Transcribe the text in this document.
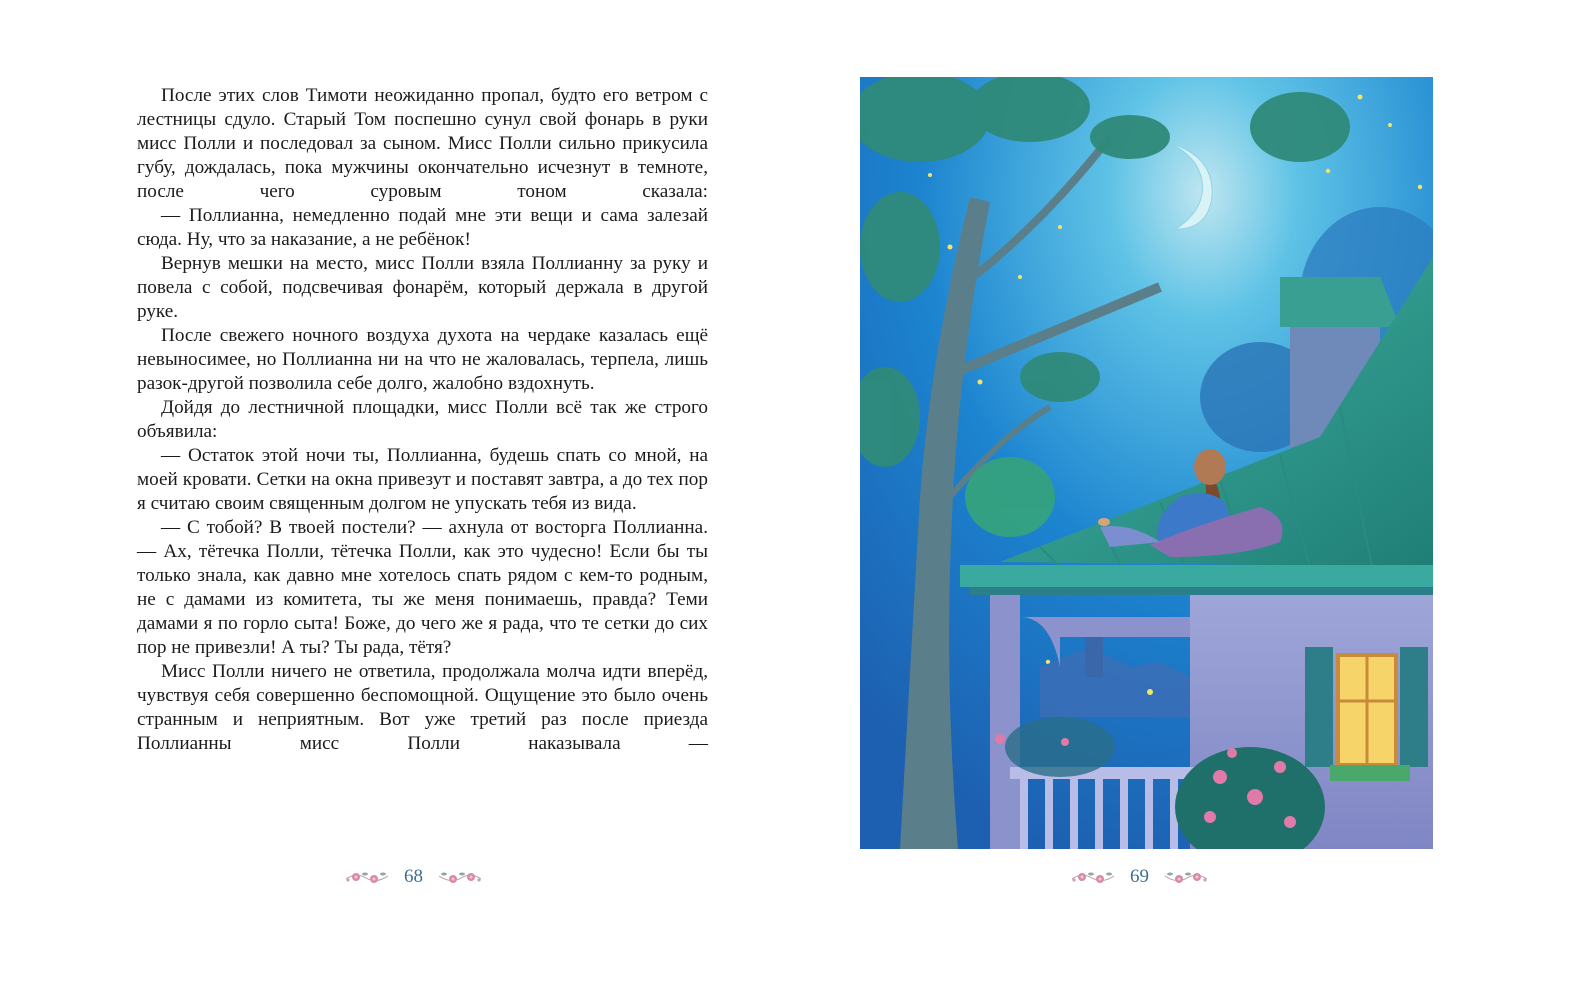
После этих слов Тимоти неожиданно пропал, будто его ветром с лестницы сдуло. Старый Том поспешно сунул свой фонарь в руки мисс Полли и последовал за сыном. Мисс Полли сильно прикусила губу, дождалась, пока мужчины окончательно исчезнут в темноте, после чего суровым тоном сказала:

— Поллианна, немедленно подай мне эти вещи и сама залезай сюда. Ну, что за наказание, а не ребёнок!

Вернув мешки на место, мисс Полли взяла Поллианну за руку и повела с собой, подсвечивая фонарём, который держала в другой руке.

После свежего ночного воздуха духота на чердаке казалась ещё невыносимее, но Поллианна ни на что не жаловалась, терпела, лишь разок-другой позволила себе долго, жалобно вздохнуть.

Дойдя до лестничной площадки, мисс Полли всё так же строго объявила:

— Остаток этой ночи ты, Поллианна, будешь спать со мной, на моей кровати. Сетки на окна привезут и поставят завтра, а до тех пор я считаю своим священным долгом не упускать тебя из вида.

— С тобой? В твоей постели? — ахнула от восторга Поллианна. — Ах, тётечка Полли, тётечка Полли, как это чудесно! Если бы ты только знала, как давно мне хотелось спать рядом с кем-то родным, не с дамами из комитета, ты же меня понимаешь, правда? Теми дамами я по горло сыта! Боже, до чего же я рада, что те сетки до сих пор не привезли! А ты? Ты рада, тётя?

Мисс Полли ничего не ответила, продолжала молча идти вперёд, чувствуя себя совершенно беспомощной. Ощущение это было очень странным и неприятным. Вот уже третий раз после приезда Поллианны мисс Полли наказывала —

68	69
